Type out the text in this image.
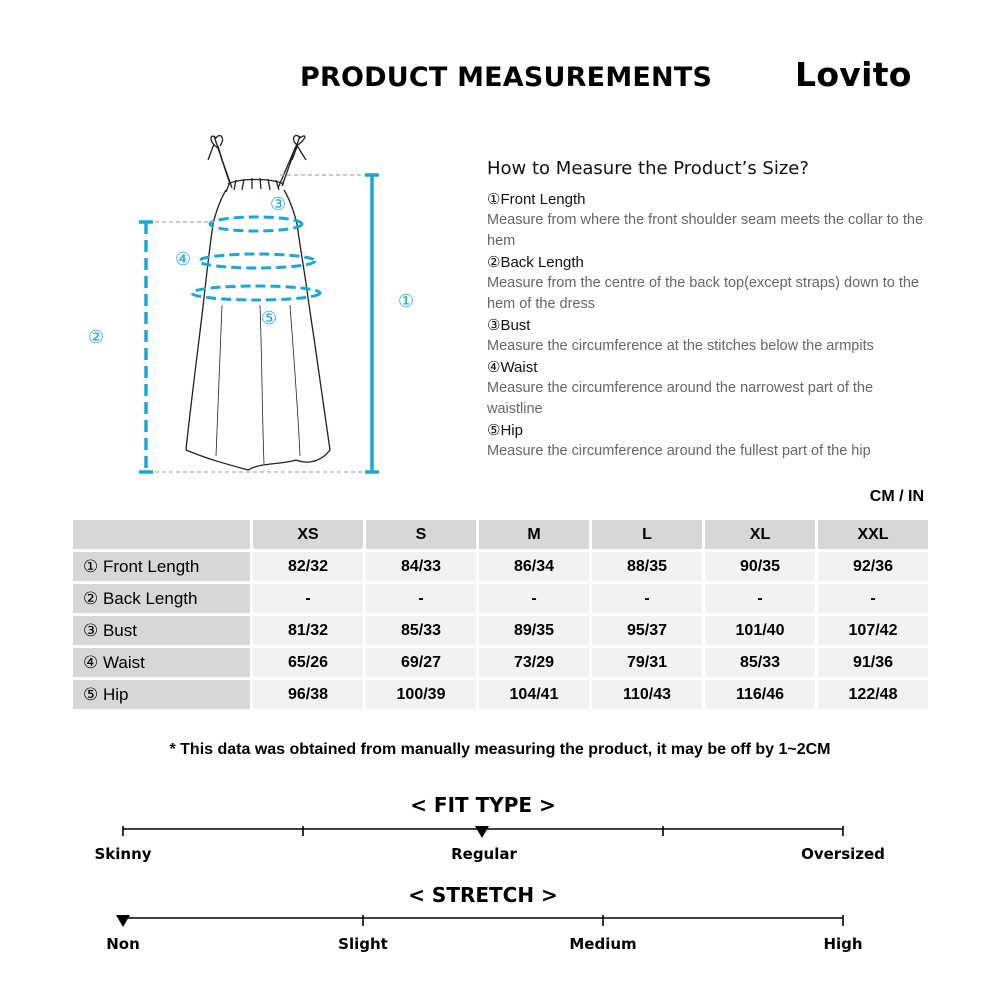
PRODUCT MEASUREMENTS	Lovito
①
②
③
④
⑤
How to Measure the Product’s Size?
①Front Length
Measure from where the front shoulder seam meets the collar to the hem
②Back Length
Measure from the centre of the back top(except straps) down to the hem of the dress
③Bust
Measure the circumference at the stitches below the armpits
④Waist
Measure the circumference around the narrowest part of the waistline
⑤Hip
Measure the circumference around the fullest part of the hip
CM / IN
	XS	S	M	L	XL	XXL
① Front Length	82/32	84/33	86/34	88/35	90/35	92/36
② Back Length	-	-	-	-	-	-
③ Bust	81/32	85/33	89/35	95/37	101/40	107/42
④ Waist	65/26	69/27	73/29	79/31	85/33	91/36
⑤ Hip	96/38	100/39	104/41	110/43	116/46	122/48
* This data was obtained from manually measuring the product, it may be off by 1~2CM
< FIT TYPE >
Skinny	Regular	Oversized
< STRETCH >
Non	Slight	Medium	High
